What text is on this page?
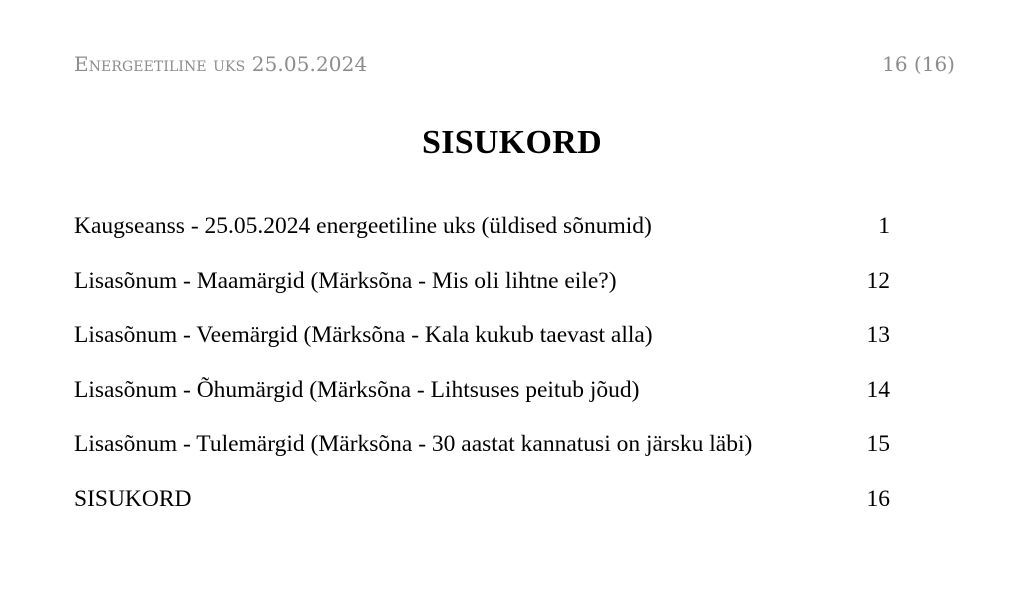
Energeetiline uks 25.05.2024	16 (16)
SISUKORD
Kaugseanss - 25.05.2024 energeetiline uks (üldised sõnumid)	1
Lisasõnum - Maamärgid (Märksõna - Mis oli lihtne eile?)	12
Lisasõnum - Veemärgid (Märksõna - Kala kukub taevast alla)	13
Lisasõnum - Õhumärgid (Märksõna - Lihtsuses peitub jõud)	14
Lisasõnum - Tulemärgid (Märksõna - 30 aastat kannatusi on järsku läbi)	15
SISUKORD	16
